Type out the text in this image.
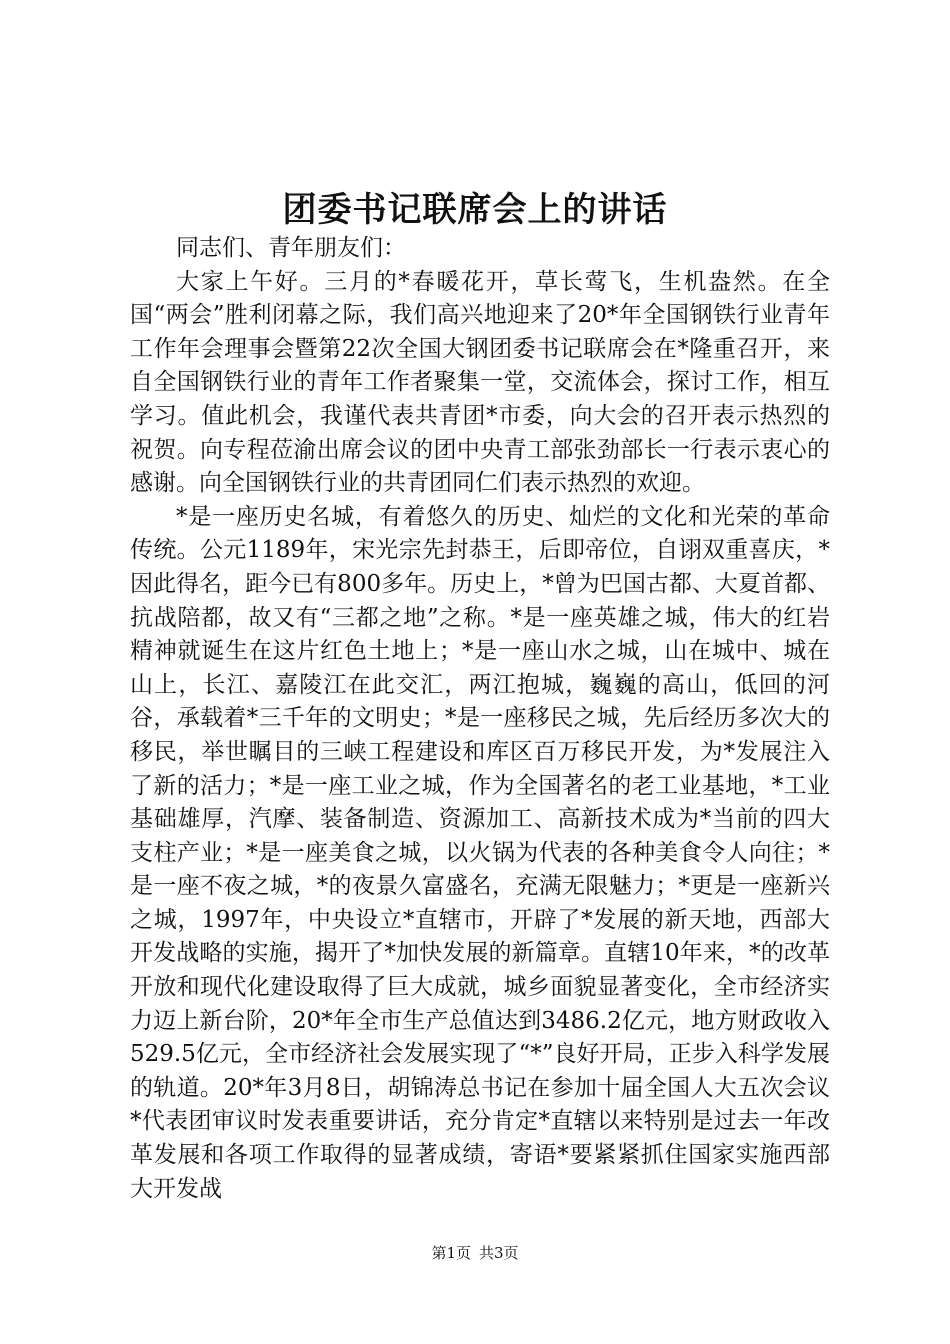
团委书记联席会上的讲话

同志们、青年朋友们：

大家上午好。三月的*春暖花开，草长莺飞，生机盎然。在全国“两会”胜利闭幕之际，我们高兴地迎来了20*年全国钢铁行业青年工作年会理事会暨第22次全国大钢团委书记联席会在*隆重召开，来自全国钢铁行业的青年工作者聚集一堂，交流体会，探讨工作，相互学习。值此机会，我谨代表共青团*市委，向大会的召开表示热烈的祝贺。向专程莅渝出席会议的团中央青工部张劲部长一行表示衷心的感谢。向全国钢铁行业的共青团同仁们表示热烈的欢迎。

*是一座历史名城，有着悠久的历史、灿烂的文化和光荣的革命传统。公元1189年，宋光宗先封恭王，后即帝位，自诩双重喜庆，*因此得名，距今已有800多年。历史上，*曾为巴国古都、大夏首都、抗战陪都，故又有“三都之地”之称。*是一座英雄之城，伟大的红岩精神就诞生在这片红色土地上；*是一座山水之城，山在城中、城在山上，长江、嘉陵江在此交汇，两江抱城，巍巍的高山，低回的河谷，承载着*三千年的文明史；*是一座移民之城，先后经历多次大的移民，举世瞩目的三峡工程建设和库区百万移民开发，为*发展注入了新的活力；*是一座工业之城，作为全国著名的老工业基地，*工业基础雄厚，汽摩、装备制造、资源加工、高新技术成为*当前的四大支柱产业；*是一座美食之城，以火锅为代表的各种美食令人向往；*是一座不夜之城，*的夜景久富盛名，充满无限魅力；*更是一座新兴之城，1997年，中央设立*直辖市，开辟了*发展的新天地，西部大开发战略的实施，揭开了*加快发展的新篇章。直辖10年来，*的改革开放和现代化建设取得了巨大成就，城乡面貌显著变化，全市经济实力迈上新台阶，20*年全市生产总值达到3486.2亿元，地方财政收入529.5亿元，全市经济社会发展实现了“*”良好开局，正步入科学发展的轨道。20*年3月8日，胡锦涛总书记在参加十届全国人大五次会议*代表团审议时发表重要讲话，充分肯定*直辖以来特别是过去一年改革发展和各项工作取得的显著成绩，寄语*要紧紧抓住国家实施西部大开发战

第1页 共3页
